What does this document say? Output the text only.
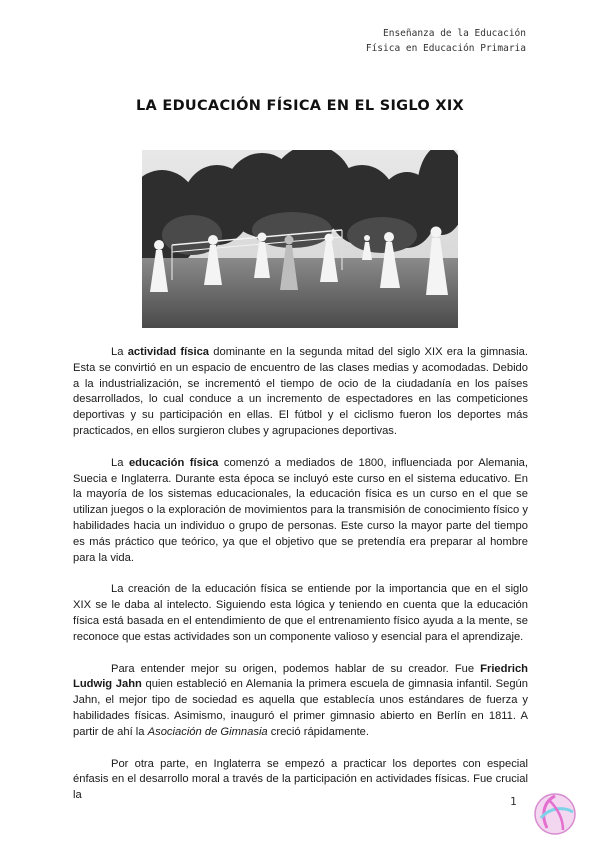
Enseñanza de la Educación
Física en Educación Primaria
LA EDUCACIÓN FÍSICA EN EL SIGLO XIX

La actividad física dominante en la segunda mitad del siglo XIX era la gimnasia. Esta se convirtió en un espacio de encuentro de las clases medias y acomodadas. Debido a la industrialización, se incrementó el tiempo de ocio de la ciudadanía en los países desarrollados, lo cual conduce a un incremento de espectadores en las competiciones deportivas y su participación en ellas. El fútbol y el ciclismo fueron los deportes más practicados, en ellos surgieron clubes y agrupaciones deportivas.

La educación física comenzó a mediados de 1800, influenciada por Alemania, Suecia e Inglaterra. Durante esta época se incluyó este curso en el sistema educativo. En la mayoría de los sistemas educacionales, la educación física es un curso en el que se utilizan juegos o la exploración de movimientos para la transmisión de conocimiento físico y habilidades hacia un individuo o grupo de personas. Este curso la mayor parte del tiempo es más práctico que teórico, ya que el objetivo que se pretendía era preparar al hombre para la vida.

La creación de la educación física se entiende por la importancia que en el siglo XIX se le daba al intelecto. Siguiendo esta lógica y teniendo en cuenta que la educación física está basada en el entendimiento de que el entrenamiento físico ayuda a la mente, se reconoce que estas actividades son un componente valioso y esencial para el aprendizaje.

Para entender mejor su origen, podemos hablar de su creador. Fue Friedrich Ludwig Jahn quien estableció en Alemania la primera escuela de gimnasia infantil. Según Jahn, el mejor tipo de sociedad es aquella que establecía unos estándares de fuerza y habilidades físicas. Asimismo, inauguró el primer gimnasio abierto en Berlín en 1811. A partir de ahí la Asociación de Gimnasia creció rápidamente.

Por otra parte, en Inglaterra se empezó a practicar los deportes con especial énfasis en el desarrollo moral a través de la participación en actividades físicas. Fue crucial la	1
